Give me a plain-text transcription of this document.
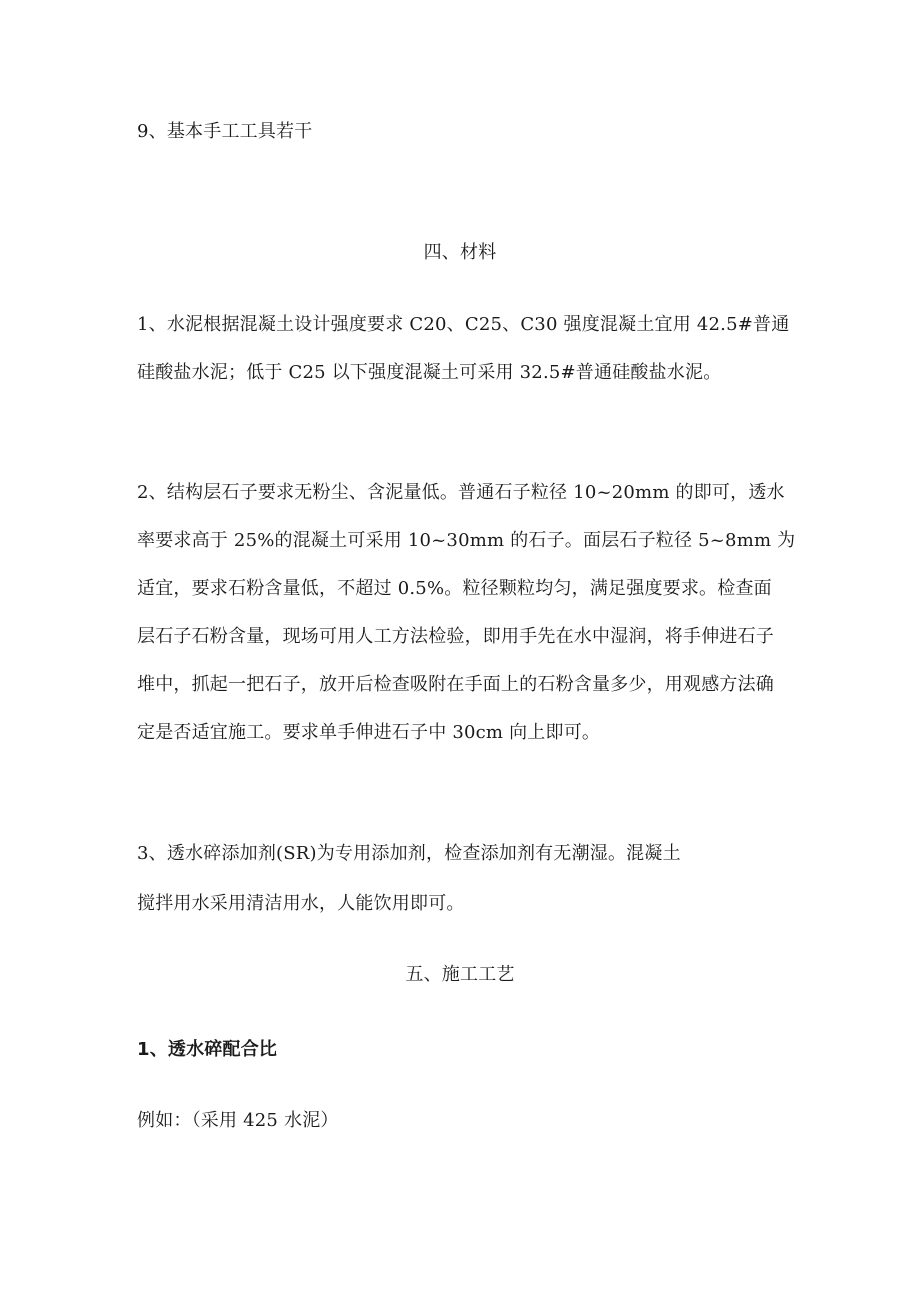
9、基本手工工具若干
四、材料
1、水泥根据混凝土设计强度要求 C20、C25、C30 强度混凝土宜用 42.5#普通
硅酸盐水泥；低于 C25 以下强度混凝土可采用 32.5#普通硅酸盐水泥。
2、结构层石子要求无粉尘、含泥量低。普通石子粒径 10~20mm 的即可，透水
率要求高于 25%的混凝土可采用 10~30mm 的石子。面层石子粒径 5~8mm 为
适宜，要求石粉含量低，不超过 0.5%。粒径颗粒均匀，满足强度要求。检查面
层石子石粉含量，现场可用人工方法检验，即用手先在水中湿润，将手伸进石子
堆中，抓起一把石子，放开后检查吸附在手面上的石粉含量多少，用观感方法确
定是否适宜施工。要求单手伸进石子中 30cm 向上即可。
3、透水碎添加剂(SR)为专用添加剂，检查添加剂有无潮湿。混凝土
搅拌用水采用清洁用水，人能饮用即可。
五、施工工艺
1、透水碎配合比
例如：（采用 425 水泥）
